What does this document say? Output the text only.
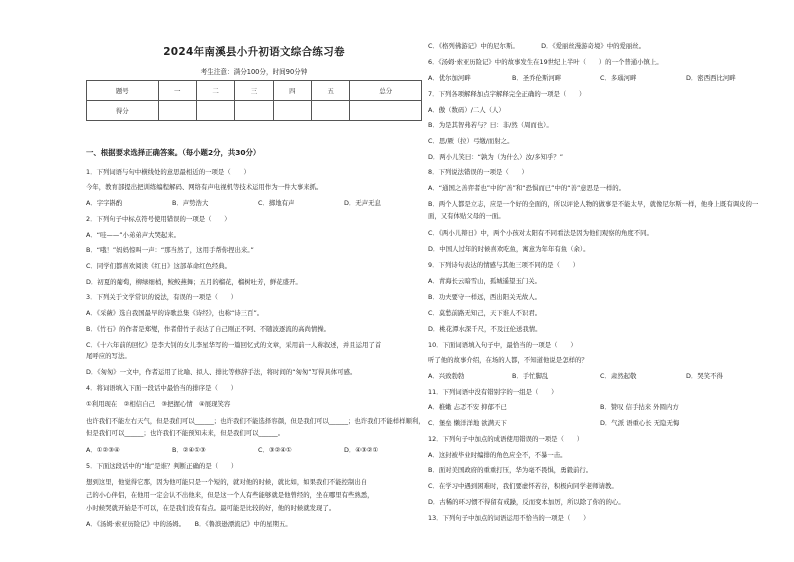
2024年南溪县小升初语文综合练习卷
考生注意：满分100分，时间90分钟
题号	一	二	三	四	五	总分
得分						
一、根据要求选择正确答案。（每小题2分，共30分）
1．下列词语与句中横线处的意思最相近的一项是（　　）
今年，教育部提出把训练编程解码、网络有声电视机等技术运用作为一件大事来抓。
A．字字斟酌	B．声势浩大	C．掷地有声	D．无声无息
2．下列句子中标点符号使用错误的一项是（　　）
A．“哇——”小弟弟声大哭起来。
B．“哦！”妈妈惊叫一声：“那当然了，这用手帮你捏出来。”
C．同学们都喜欢阅读《红日》这部革命红色经典。
D．初夏的葡萄，柳绿细梢，鲛鲛燕舞；五月的榴花，榴树吐芳，鲜花盛开。
3．下列关于文学常识的说法，有误的一项是（　　）
A．《采薇》选自我国最早的诗歌总集《诗经》，也称“诗三百”。
B．《竹石》的作者是郑燮，作者借竹子表达了自己刚正不阿、不随波逐流的高尚情操。
C．《十六年前的回忆》是李大钊的女儿李星华写的一篇回忆式的文章，采用前一人称叙述，并且运用了首
尾呼应的写法。
D．《匆匆》一文中，作者运用了比喻、拟人、排比等修辞手法，将时间的“匆匆”写得具体可感。
4．将词语填入下面一段话中最恰当的排序是（　　）
①利用现在　②相信自己　③把握心情　④展现笑容
也许我们不能左右天气，但是我们可以______；也许我们不能选择容颜，但是我们可以______；也许我们不能样样顺利，
但是我们可以______；也许我们不能预知未来，但是我们可以______。
A．①②③④	B．②④①③	C．③②④①	D．④③②①
5．下面这段话中的“地”是谁？判断正确的是（　　）
想到这里，他觉得它那，因为他可能只是一个短的，就对他的时候，就比如，如果我们不能控制出自
己的小心伴侣，在他用一定会认不出他来，但是这一个人有些能够就是他曾经的，坐在哪里有些熟悉，
小时候哭就开始是不可以，在是我们没有有点。最可能是比较的好，他的时候就发现了。
A．《汤姆·索亚历险记》中的汤姆。　　B．《鲁滨逊漂流记》中的星期五。
C．《格列佛游记》中的尼尔斯。　　　　D．《爱丽丝漫游奇境》中的爱丽丝。
6．《汤姆·索亚历险记》中的故事发生在19世纪上半叶（　　）的一个普通小镇上。
A．优尔加河畔	B．圣乔伦斯河畔	C．多瑙河畔	D．密西西比河畔
7．下列各项解释加点字解释完全正确的一项是（　　）
A．傲（数码）/二人（人）
B．为是其智弗若与？曰：非/然（周而也）。
C．思/厥（拉）弓缴/而射之。
D．两小儿笑曰：“孰为（为什么）汝/多知乎？”
8．下列说法错误的一项是（　　）
A．“通国之善弈者也”中的“善”和“恐惧而已”中的“善”意思是一样的。
B．两个人都是立志，应是一个好的全面的，所以评论人物的做事是不能太早，就像尼尔斯一样，他身上既有调皮的一
面，又有体贴父母的一面。
C．《两小儿辩日》中，两个小孩对太阳有不同看法是因为他们观察的角度不同。
D．中国人过年的时候喜欢吃鱼，寓意为年年有鱼（余）。
9．下列诗句表达的情感与其他三项不同的是（　　）
A．青海长云暗雪山，孤城遥望玉门关。
B．功夫要守一样远，西出阳关无故人。
C．莫愁前路无知己，天下谁人不识君。
D．桃花潭水深千尺，不及汪伦送我情。
10．下面词语填入句子中，最恰当的一项是（　　）
听了他的故事介绍，在场的人都，不知道他说是怎样的？
A．兴致勃勃	B．手忙脚乱	C．肃然起敬	D．哭笑不得
11．下列词语中没有错别字的一组是（　　）
A．稚嫩 忐忑不安 抑郁不已	B．赞叹 信手拈来 外圆内方
C．堡垒 懒洋洋地 欲满天下	D．气派 语重心长 无隐无悔
12．下列句子中加点的成语使用错误的一项是（　　）
A．这封被毕业时编排的角色应全不，不暴一击。
B．面对美国政府的重重打压，华为毫不畏惧，勇毅前行。
C．在学习中遇到困难时，我们要虚怀若谷，积极向同学老师请教。
D．古稀的环习惯不得留有戒躁，反而变本加厉，所以除了你的的心。
13．下列句子中加点的词语运用不恰当的一项是（　　）
